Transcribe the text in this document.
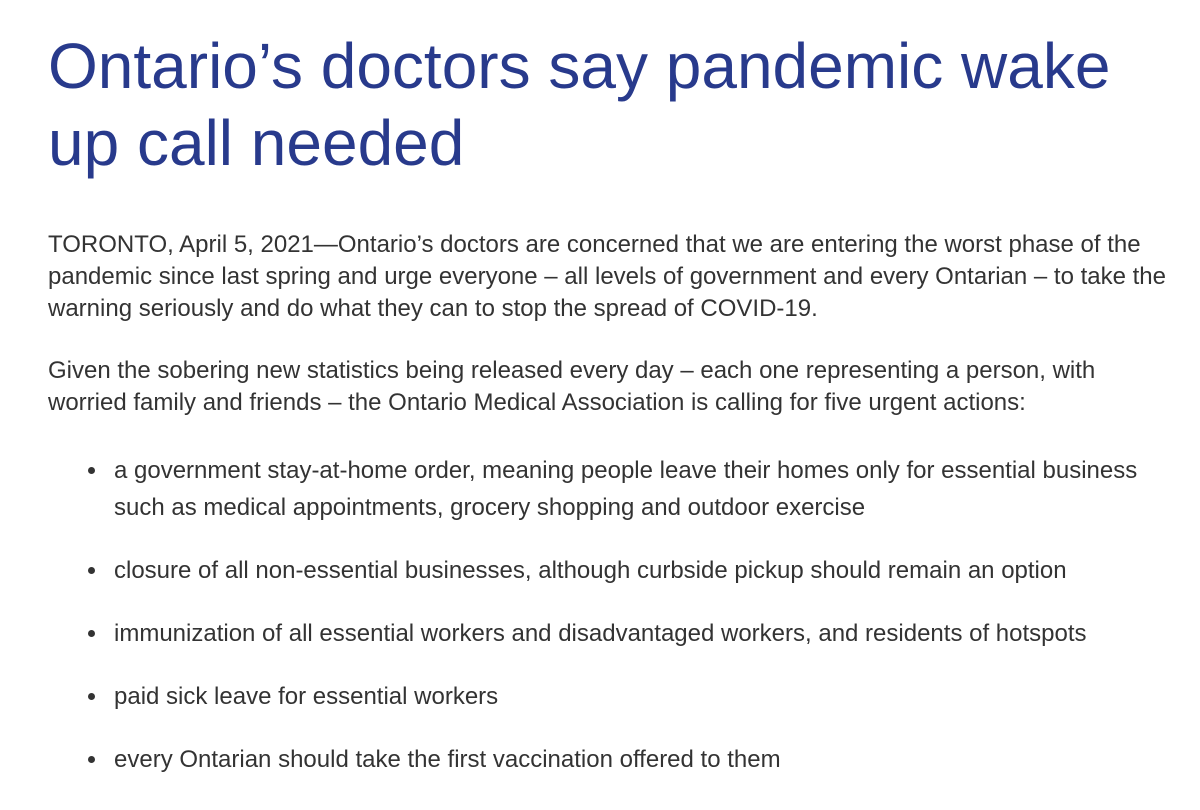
Ontario’s doctors say pandemic wake up call needed

TORONTO, April 5, 2021—Ontario’s doctors are concerned that we are entering the worst phase of the pandemic since last spring and urge everyone – all levels of government and every Ontarian – to take the warning seriously and do what they can to stop the spread of COVID-19.

Given the sobering new statistics being released every day – each one representing a person, with worried family and friends – the Ontario Medical Association is calling for five urgent actions:

a government stay-at-home order, meaning people leave their homes only for essential business such as medical appointments, grocery shopping and outdoor exercise
closure of all non-essential businesses, although curbside pickup should remain an option
immunization of all essential workers and disadvantaged workers, and residents of hotspots
paid sick leave for essential workers
every Ontarian should take the first vaccination offered to them
